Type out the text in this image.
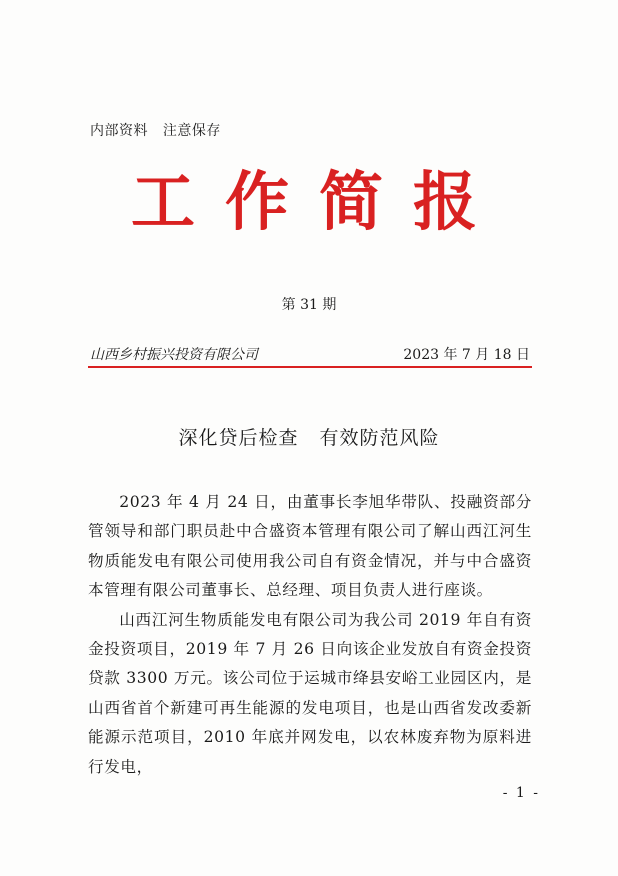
内部资料   注意保存
工作简报
第 31 期
山西乡村振兴投资有限公司	2023 年 7 月 18 日
深化贷后检查   有效防范风险

2023 年 4 月 24 日，由董事长李旭华带队、投融资部分管领导和部门职员赴中合盛资本管理有限公司了解山西江河生物质能发电有限公司使用我公司自有资金情况，并与中合盛资本管理有限公司董事长、总经理、项目负责人进行座谈。

山西江河生物质能发电有限公司为我公司 2019 年自有资金投资项目，2019 年 7 月 26 日向该企业发放自有资金投资贷款 3300 万元。该公司位于运城市绛县安峪工业园区内，是山西省首个新建可再生能源的发电项目，也是山西省发改委新能源示范项目，2010 年底并网发电，以农林废弃物为原料进行发电，

- 1 -
